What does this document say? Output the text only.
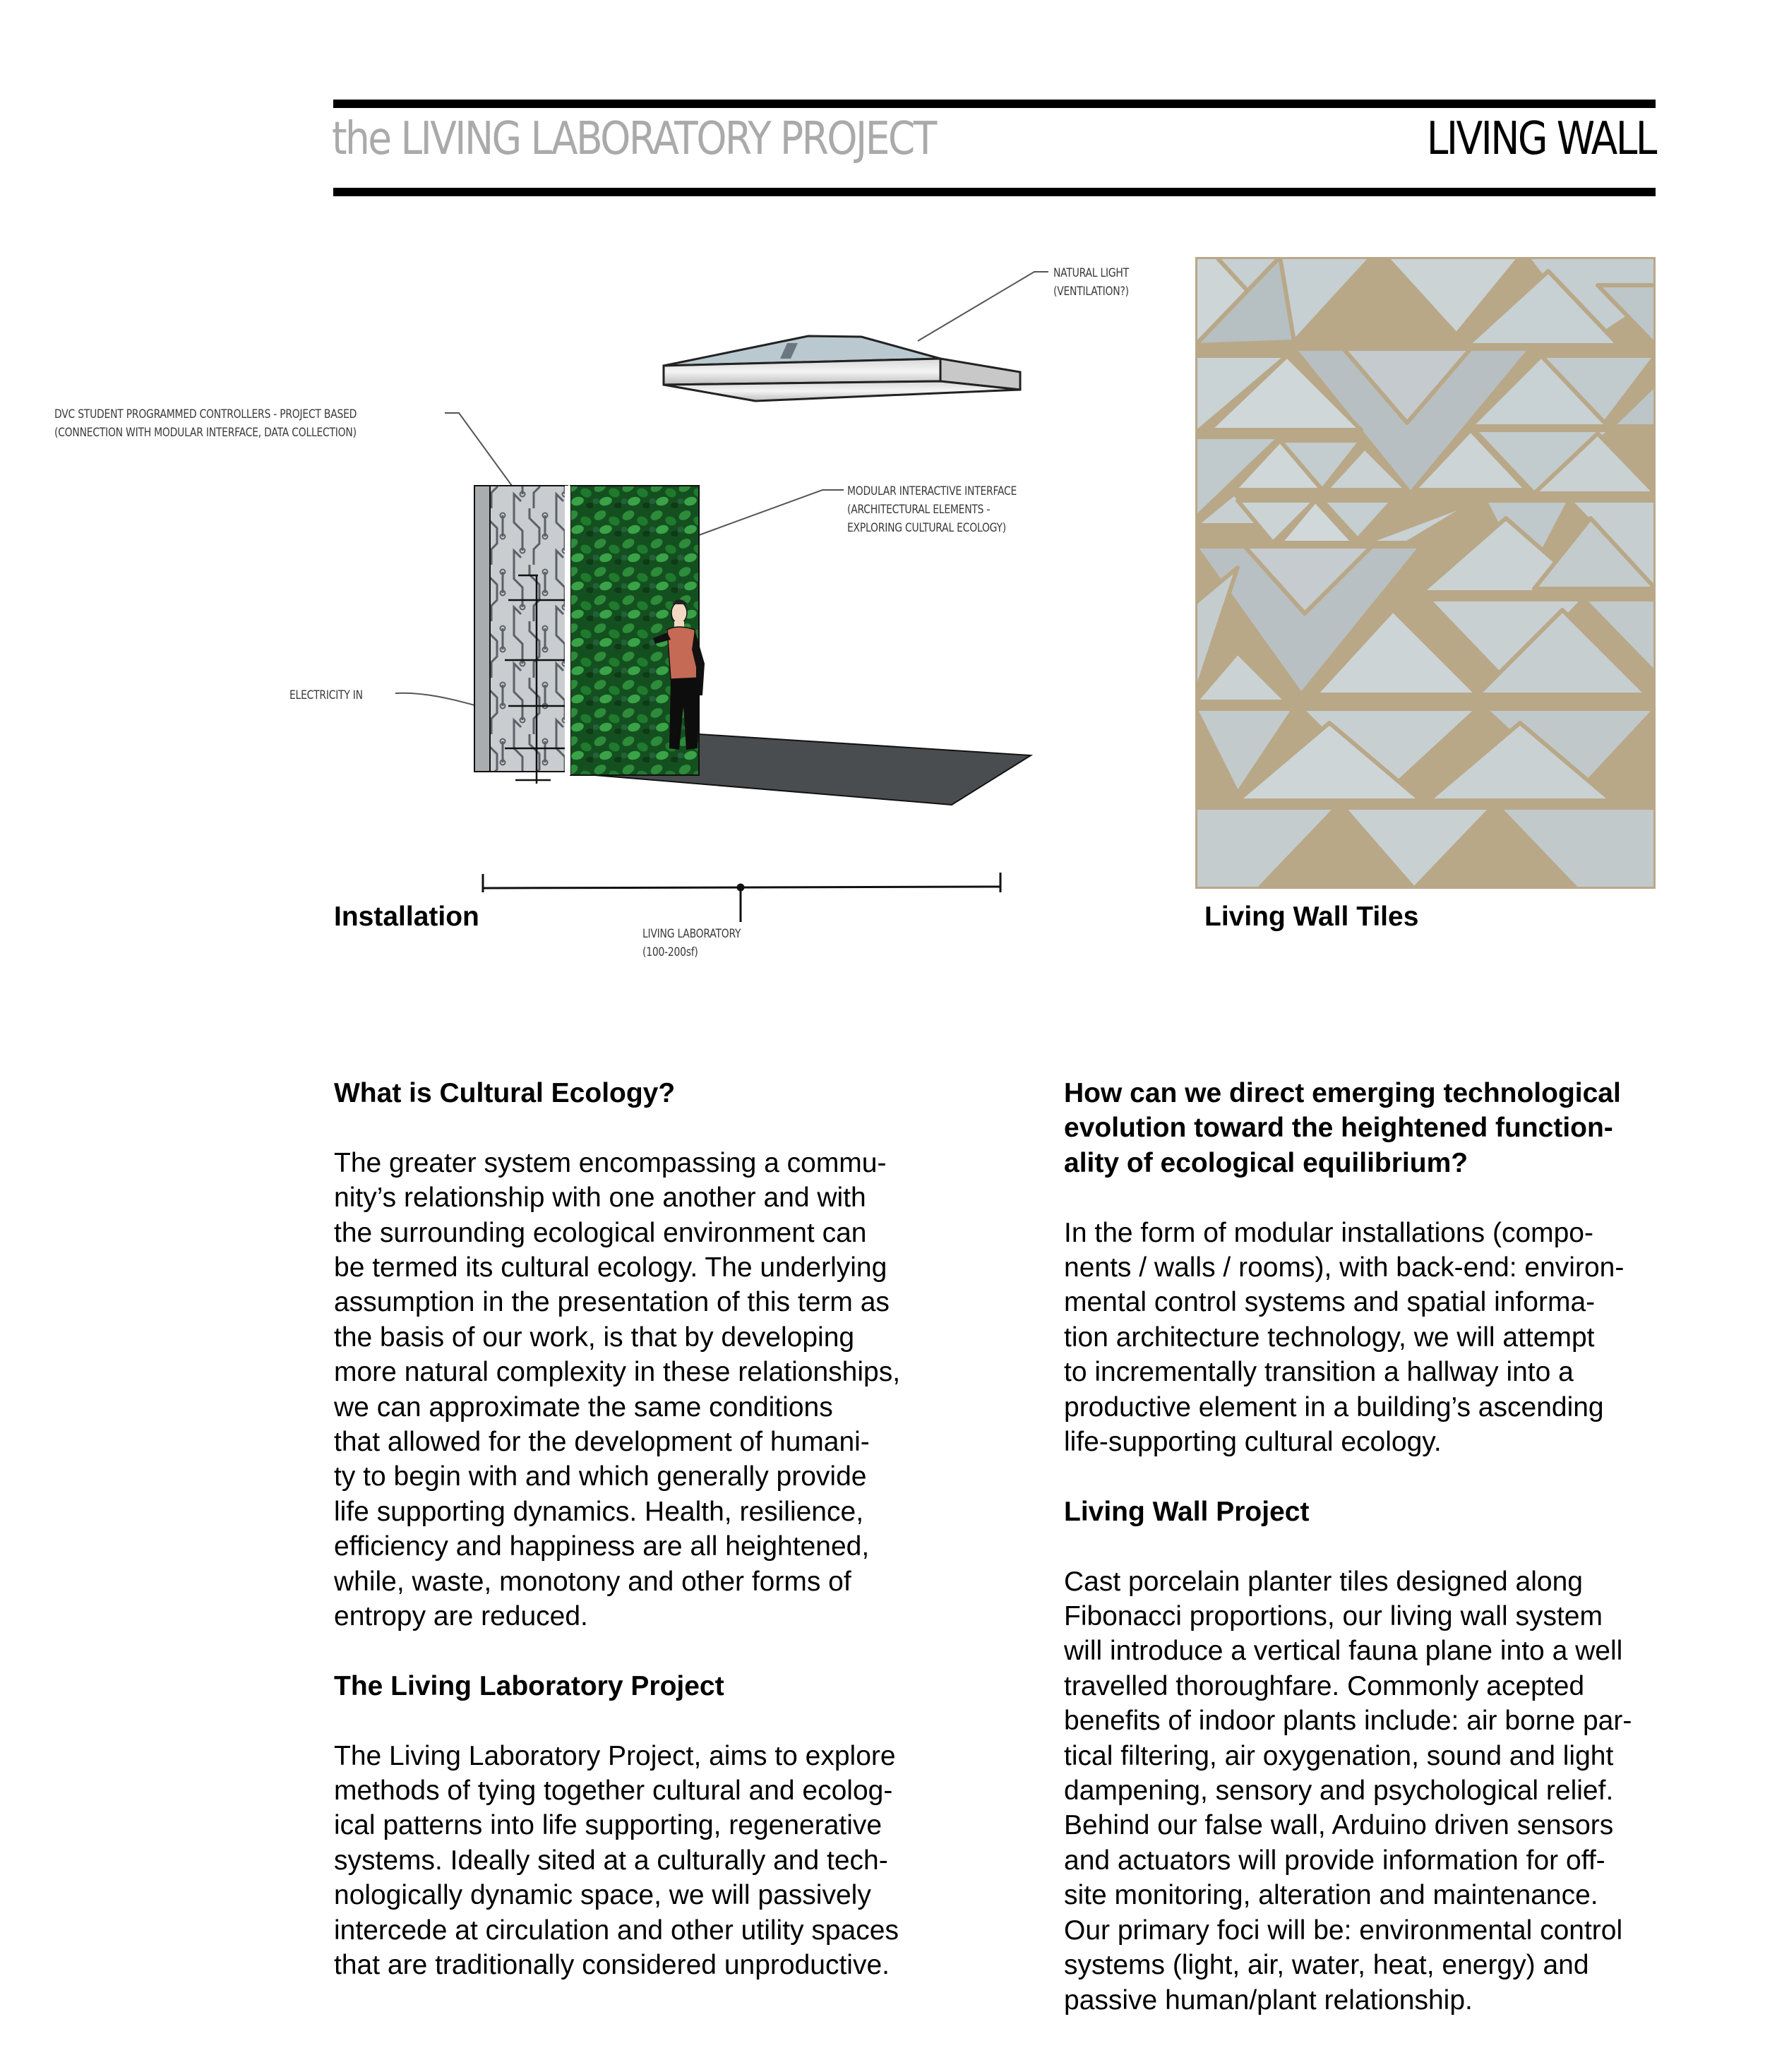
the LIVING LABORATORY PROJECT	LIVING WALL
NATURAL LIGHT
(VENTILATION?)
DVC STUDENT PROGRAMMED CONTROLLERS - PROJECT BASED
(CONNECTION WITH MODULAR INTERFACE, DATA COLLECTION)
MODULAR INTERACTIVE INTERFACE
(ARCHITECTURAL ELEMENTS -
EXPLORING CULTURAL ECOLOGY)
ELECTRICITY IN
LIVING LABORATORY
(100-200sf)
Installation	Living Wall Tiles
What is Cultural Ecology?
The greater system encompassing a commu-
nity’s relationship with one another and with
the surrounding ecological environment can
be termed its cultural ecology. The underlying
assumption in the presentation of this term as
the basis of our work, is that by developing
more natural complexity in these relationships,
we can approximate the same conditions
that allowed for the development of humani-
ty to begin with and which generally provide
life supporting dynamics. Health, resilience,
efficiency and happiness are all heightened,
while, waste, monotony and other forms of
entropy are reduced.
The Living Laboratory Project
The Living Laboratory Project, aims to explore
methods of tying together cultural and ecolog-
ical patterns into life supporting, regenerative
systems. Ideally sited at a culturally and tech-
nologically dynamic space, we will passively
intercede at circulation and other utility spaces
that are traditionally considered unproductive.
How can we direct emerging technological
evolution toward the heightened function-
ality of ecological equilibrium?
In the form of modular installations (compo-
nents / walls / rooms), with back-end: environ-
mental control systems and spatial informa-
tion architecture technology, we will attempt
to incrementally transition a hallway into a
productive element in a building’s ascending
life-supporting cultural ecology.
Living Wall Project
Cast porcelain planter tiles designed along
Fibonacci proportions, our living wall system
will introduce a vertical fauna plane into a well
travelled thoroughfare. Commonly acepted
benefits of indoor plants include: air borne par-
tical filtering, air oxygenation, sound and light
dampening, sensory and psychological relief.
Behind our false wall, Arduino driven sensors
and actuators will provide information for off-
site monitoring, alteration and maintenance.
Our primary foci will be: environmental control
systems (light, air, water, heat, energy) and
passive human/plant relationship.
